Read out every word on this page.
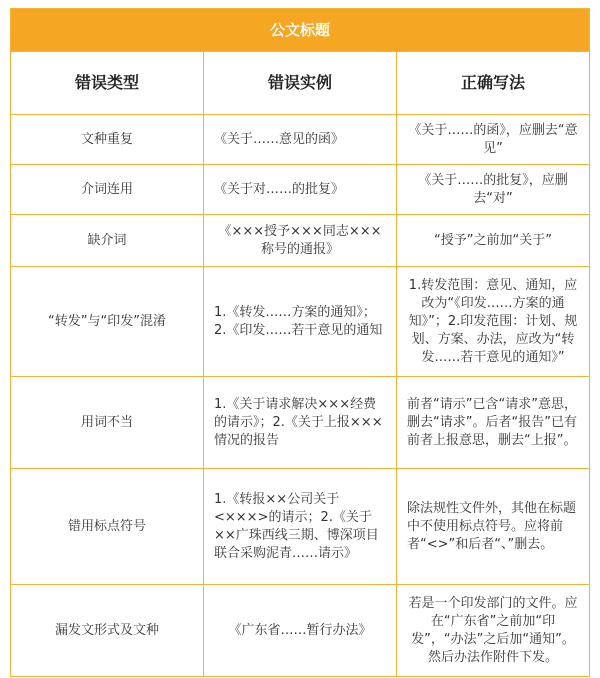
公文标题		
错误类型	错误实例	正确写法
文种重复	《关于……意见的函》	《关于……的函》，应删去“意见”
介词连用	《关于对……的批复》	《关于……的批复》，应删去“对”
缺介词	《×××授予×××同志×××称号的通报》	“授予”之前加“关于”
“转发”与“印发”混淆	1.《转发……方案的通知》；2.《印发……若干意见的通知	1.转发范围：意见、通知，应改为“《印发……方案的通知》”；2.印发范围：计划、规划、方案、办法，应改为“转发……若干意见的通知》”
用词不当	1.《关于请求解决×××经费的请示》；2.《关于上报×××情况的报告	前者“请示”已含“请求”意思，删去“请求”。后者“报告”已有前者上报意思，删去“上报”。
错用标点符号	1.《转报××公司关于<×××>的请示；2.《关于××广珠西线三期、博深项目联合采购泥青……请示》	除法规性文件外，其他在标题中不使用标点符号。应将前者“<>”和后者“、”删去。
漏发文形式及文种	《广东省……暂行办法》	若是一个印发部门的文件。应在“广东省”之前加“印发”，“办法”之后加“通知”。然后办法作附件下发。
